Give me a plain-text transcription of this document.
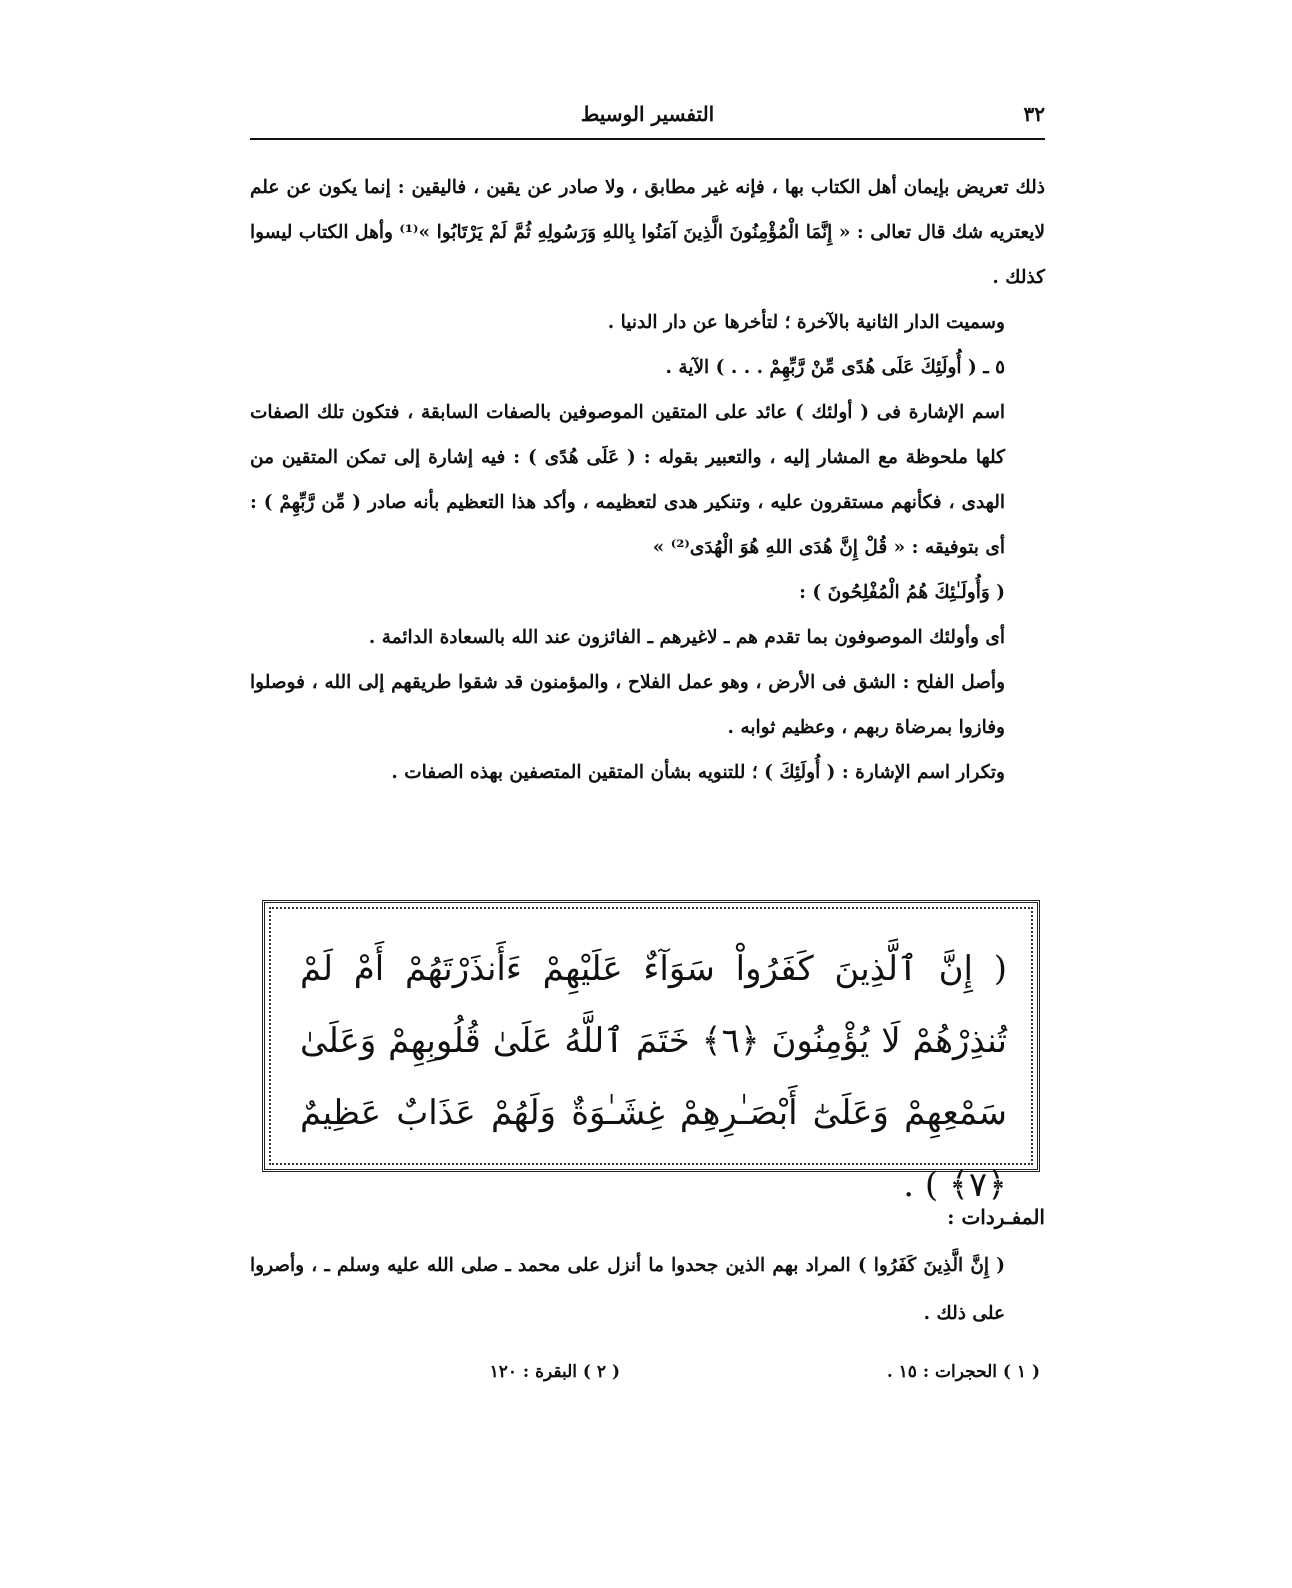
٣٢
التفسير الوسيط

ذلك تعريض بإيمان أهل الكتاب بها ، فإنه غير مطابق ، ولا صادر عن يقين ، فاليقين : إنما يكون عن علم لايعتريه شك قال تعالى : « إِنَّمَا الْمُؤْمِنُونَ الَّذِينَ آمَنُوا بِاللهِ وَرَسُولِهِ ثُمَّ لَمْ يَرْتَابُوا »⁽¹⁾ وأهل الكتاب ليسوا كذلك .

وسميت الدار الثانية بالآخرة ؛ لتأخرها عن دار الدنيا .

٥ ـ ( أُولَئِكَ عَلَى هُدًى مِّنْ رَّبِّهِمْ . . . ) الآية .

اسم الإشارة فى ( أولئك ) عائد على المتقين الموصوفين بالصفات السابقة ، فتكون تلك الصفات كلها ملحوظة مع المشار إليه ، والتعبير بقوله : ( عَلَى هُدًى ) : فيه إشارة إلى تمكن المتقين من الهدى ، فكأنهم مستقرون عليه ، وتنكير هدى لتعظيمه ، وأكد هذا التعظيم بأنه صادر ( مِّن رَّبِّهِمْ ) : أى بتوفيقه : « قُلْ إِنَّ هُدَى اللهِ هُوَ الْهُدَى⁽²⁾ »

( وَأُولَـٰئِكَ هُمُ الْمُفْلِحُونَ ) :

أى وأولئك الموصوفون بما تقدم هم ـ لاغيرهم ـ الفائزون عند الله بالسعادة الدائمة .

وأصل الفلح : الشق فى الأرض ، وهو عمل الفلاح ، والمؤمنون قد شقوا طريقهم إلى الله ، فوصلوا وفازوا بمرضاة ربهم ، وعظيم ثوابه .

وتكرار اسم الإشارة : ( أُولَئِكَ ) ؛ للتنويه بشأن المتقين المتصفين بهذه الصفات .

( إِنَّ ٱلَّذِينَ كَفَرُواْ سَوَآءٌ عَلَيْهِمْ ءَأَنذَرْتَهُمْ أَمْ لَمْ تُنذِرْهُمْ لَا يُؤْمِنُونَ ﴿٦﴾ خَتَمَ ٱللَّهُ عَلَىٰ قُلُوبِهِمْ وَعَلَىٰ سَمْعِهِمْ وَعَلَىٰٓ أَبْصَـٰرِهِمْ غِشَـٰوَةٌ وَلَهُمْ عَذَابٌ عَظِيمٌ ﴿٧﴾ ) .
المفـردات :

( إِنَّ الَّذِينَ كَفَرُوا ) المراد بهم الذين جحدوا ما أنزل على محمد ـ صلى الله عليه وسلم ـ ، وأصروا على ذلك .

( ١ ) الحجرات : ١٥ .
( ٢ ) البقرة : ١٢٠
